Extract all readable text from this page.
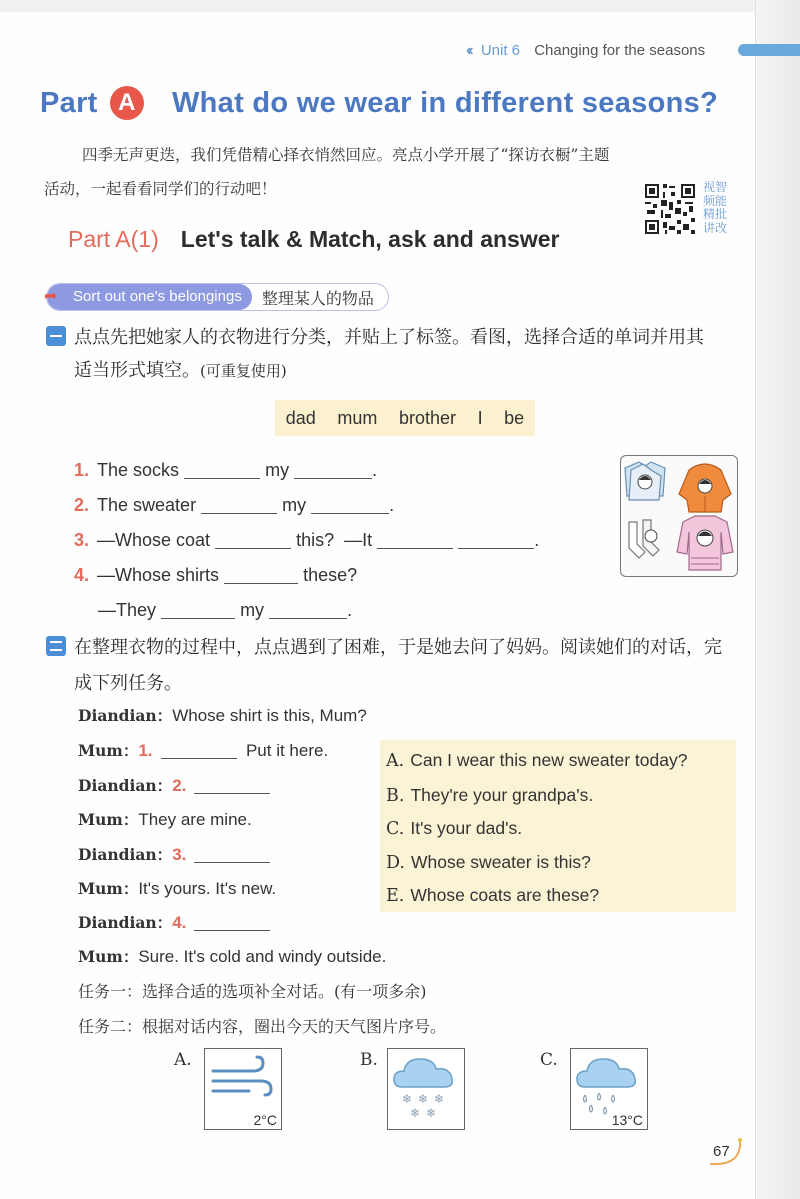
‹‹ Unit 6 Changing for the seasons
Part A What do we wear in different seasons?
四季无声更迭，我们凭借精心择衣悄然回应。亮点小学开展了“探访衣橱”主题
活动，一起看看同学们的行动吧！	视智
频能
精批
讲改
Part A(1) Let's talk & Match, ask and answer
Sort out one's belongings	整理某人的物品
➦
点点先把她家人的衣物进行分类，并贴上了标签。看图，选择合适的单词并用其
适当形式填空。(可重复使用)
dad mum brother I be
1. The socks	my	.
2. The sweater	my	.
3. —Whose coat	this? —It	.
4. —Whose shirts	these?
—They	my	.
在整理衣物的过程中，点点遇到了困难，于是她去问了妈妈。阅读她们的对话，完
成下列任务。
Diandian：Whose shirt is this, Mum?
Mum：1.	Put it here.
Diandian：2.
Mum：They are mine.
Diandian：3.
Mum：It's yours. It's new.
Diandian：4.
Mum：Sure. It's cold and windy outside.
A. Can I wear this new sweater today?
B. They're your grandpa's.
C. It's your dad's.
D. Whose sweater is this?
E. Whose coats are these?
任务一：选择合适的选项补全对话。(有一项多余)
任务二：根据对话内容，圈出今天的天气图片序号。
A.
2°C
B.
❄ ❄ ❄
❄ ❄
C.
13°C
67
